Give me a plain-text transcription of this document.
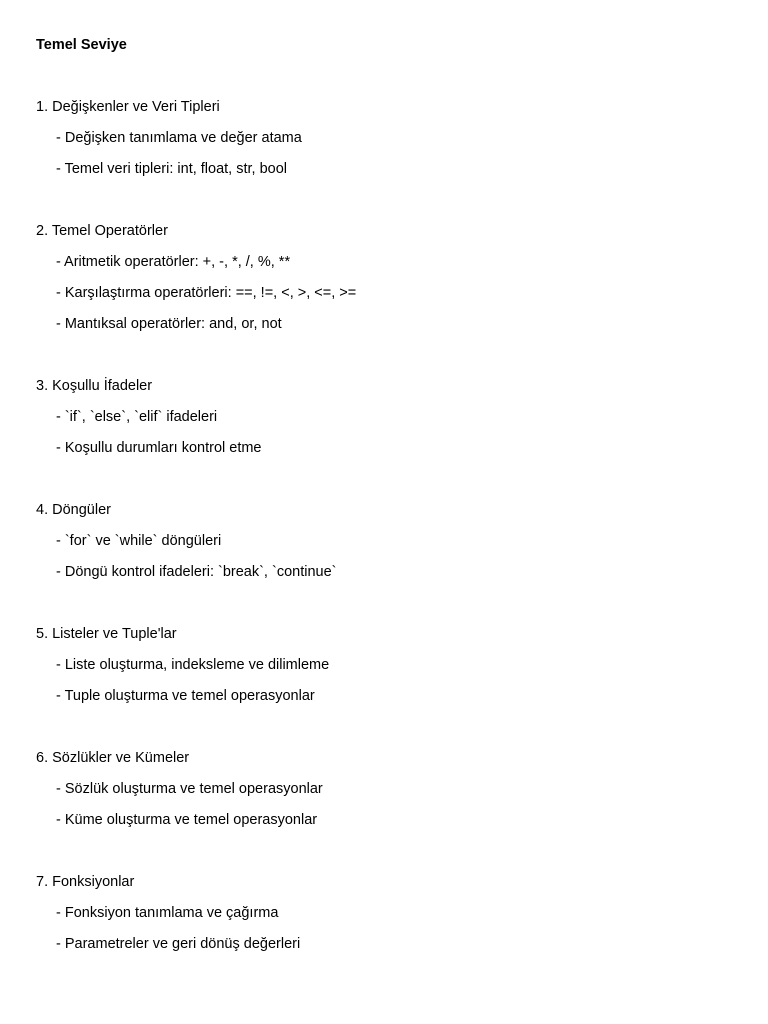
Temel Seviye

1. Değişkenler ve Veri Tipleri

- Değişken tanımlama ve değer atama

- Temel veri tipleri: int, float, str, bool

2. Temel Operatörler

- Aritmetik operatörler: +, -, *, /, %, **

- Karşılaştırma operatörleri: ==, !=, <, >, <=, >=

- Mantıksal operatörler: and, or, not

3. Koşullu İfadeler

- `if`, `else`, `elif` ifadeleri

- Koşullu durumları kontrol etme

4. Döngüler

- `for` ve `while` döngüleri

- Döngü kontrol ifadeleri: `break`, `continue`

5. Listeler ve Tuple'lar

- Liste oluşturma, indeksleme ve dilimleme

- Tuple oluşturma ve temel operasyonlar

6. Sözlükler ve Kümeler

- Sözlük oluşturma ve temel operasyonlar

- Küme oluşturma ve temel operasyonlar

7. Fonksiyonlar

- Fonksiyon tanımlama ve çağırma

- Parametreler ve geri dönüş değerleri
